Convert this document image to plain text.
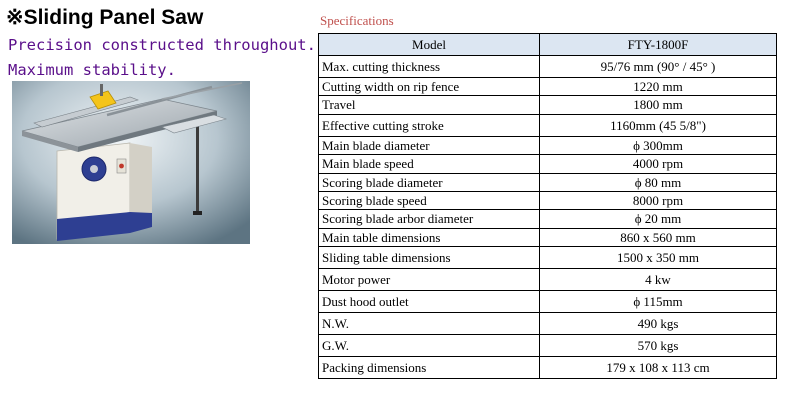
※Sliding Panel Saw
Precision constructed throughout.
Maximum stability.
Specifications
Model	FTY-1800F
Max. cutting thickness	95/76 mm (90° / 45° )
Cutting width on rip fence	1220 mm
Travel	1800 mm
Effective cutting stroke	1160mm (45 5/8")
Main blade diameter	ϕ 300mm
Main blade speed	4000 rpm
Scoring blade diameter	ϕ 80 mm
Scoring blade speed	8000 rpm
Scoring blade arbor diameter	ϕ 20 mm
Main table dimensions	860 x 560 mm
Sliding table dimensions	1500 x 350 mm
Motor power	4 kw
Dust hood outlet	ϕ 115mm
N.W.	490 kgs
G.W.	570 kgs
Packing dimensions	179 x 108 x 113 cm
